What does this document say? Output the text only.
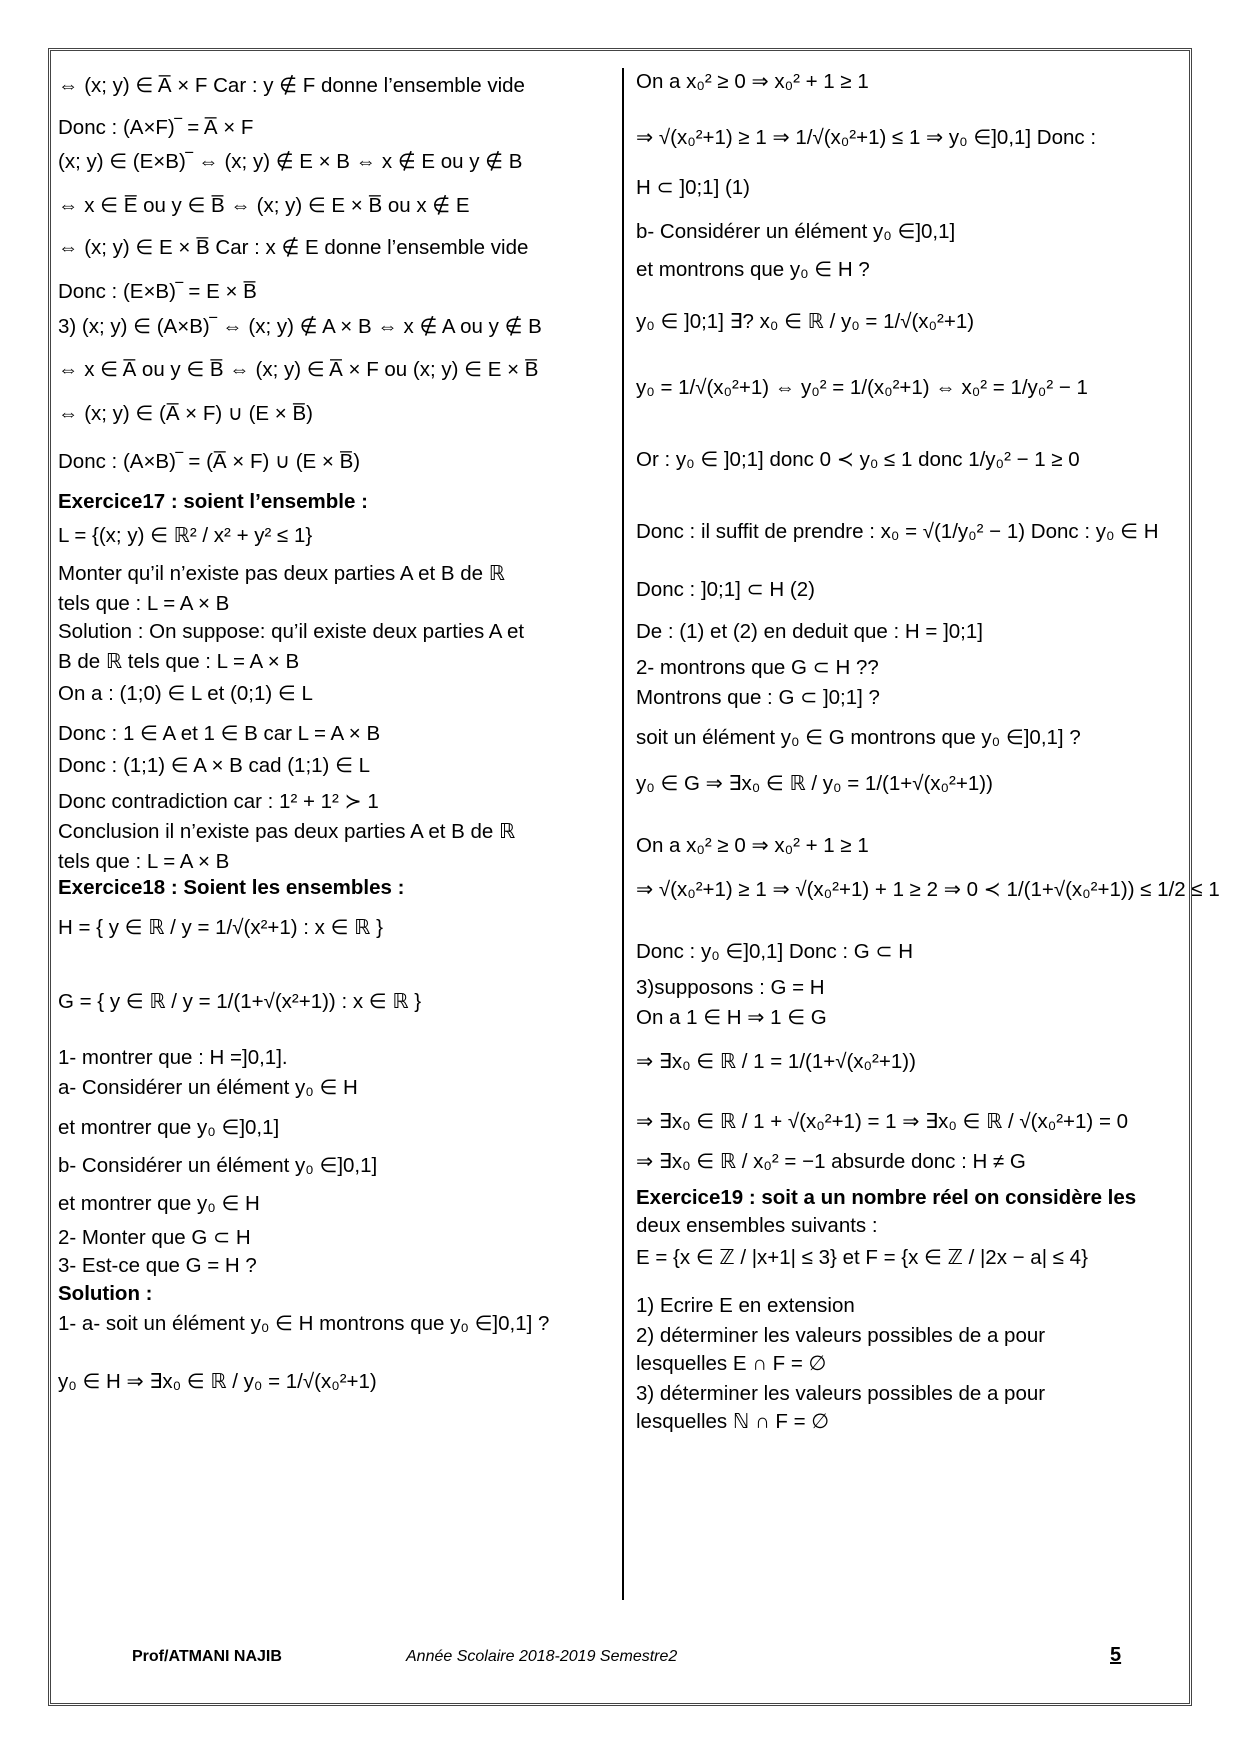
⇔ (x; y) ∈ A̅ × F Car : y ∉ F donne l’ensemble vide
Donc : (A×F)‾ = A̅ × F
(x; y) ∈ (E×B)‾ ⇔ (x; y) ∉ E × B ⇔ x ∉ E ou y ∉ B
⇔ x ∈ E̅ ou y ∈ B̅ ⇔ (x; y) ∈ E × B̅ ou x ∉ E
⇔ (x; y) ∈ E × B̅ Car : x ∉ E donne l’ensemble vide
Donc : (E×B)‾ = E × B̅
3) (x; y) ∈ (A×B)‾ ⇔ (x; y) ∉ A × B ⇔ x ∉ A ou y ∉ B
⇔ x ∈ A̅ ou y ∈ B̅ ⇔ (x; y) ∈ A̅ × F ou (x; y) ∈ E × B̅
⇔ (x; y) ∈ (A̅ × F) ∪ (E × B̅)
Donc : (A×B)‾ = (A̅ × F) ∪ (E × B̅)
Exercice17 : soient l’ensemble :
L = {(x; y) ∈ ℝ² / x² + y² ≤ 1}
Monter qu’il n’existe pas deux parties A et B de ℝ
tels que : L = A × B
Solution : On suppose: qu’il existe deux parties A et
B de ℝ tels que : L = A × B
On a : (1;0) ∈ L et (0;1) ∈ L
Donc : 1 ∈ A et 1 ∈ B car L = A × B
Donc : (1;1) ∈ A × B cad (1;1) ∈ L
Donc contradiction car : 1² + 1² ≻ 1
Conclusion il n’existe pas deux parties A et B de ℝ
tels que : L = A × B
Exercice18 : Soient les ensembles :
H = { y ∈ ℝ / y = 1/√(x²+1) : x ∈ ℝ }
G = { y ∈ ℝ / y = 1/(1+√(x²+1)) : x ∈ ℝ }
1- montrer que : H =]0,1].
a- Considérer un élément y₀ ∈ H
et montrer que y₀ ∈]0,1]
b- Considérer un élément y₀ ∈]0,1]
et montrer que y₀ ∈ H
2- Monter que G ⊂ H
3- Est-ce que G = H ?
Solution :
1- a- soit un élément y₀ ∈ H montrons que y₀ ∈]0,1] ?
y₀ ∈ H ⇒ ∃x₀ ∈ ℝ / y₀ = 1/√(x₀²+1)
On a x₀² ≥ 0 ⇒ x₀² + 1 ≥ 1
⇒ √(x₀²+1) ≥ 1 ⇒ 1/√(x₀²+1) ≤ 1 ⇒ y₀ ∈]0,1] Donc :
H ⊂ ]0;1] (1)
b- Considérer un élément y₀ ∈]0,1]
et montrons que y₀ ∈ H ?
y₀ ∈ ]0;1] ∃? x₀ ∈ ℝ / y₀ = 1/√(x₀²+1)
y₀ = 1/√(x₀²+1) ⇔ y₀² = 1/(x₀²+1) ⇔ x₀² = 1/y₀² − 1
Or : y₀ ∈ ]0;1] donc 0 ≺ y₀ ≤ 1 donc 1/y₀² − 1 ≥ 0
Donc : il suffit de prendre : x₀ = √(1/y₀² − 1) Donc : y₀ ∈ H
Donc : ]0;1] ⊂ H (2)
De : (1) et (2) en deduit que : H = ]0;1]
2- montrons que G ⊂ H ??
Montrons que : G ⊂ ]0;1] ?
soit un élément y₀ ∈ G montrons que y₀ ∈]0,1] ?
y₀ ∈ G ⇒ ∃x₀ ∈ ℝ / y₀ = 1/(1+√(x₀²+1))
On a x₀² ≥ 0 ⇒ x₀² + 1 ≥ 1
⇒ √(x₀²+1) ≥ 1 ⇒ √(x₀²+1) + 1 ≥ 2 ⇒ 0 ≺ 1/(1+√(x₀²+1)) ≤ 1/2 ≤ 1
Donc : y₀ ∈]0,1] Donc : G ⊂ H
3)supposons : G = H
On a 1 ∈ H ⇒ 1 ∈ G
⇒ ∃x₀ ∈ ℝ / 1 = 1/(1+√(x₀²+1))
⇒ ∃x₀ ∈ ℝ / 1 + √(x₀²+1) = 1 ⇒ ∃x₀ ∈ ℝ / √(x₀²+1) = 0
⇒ ∃x₀ ∈ ℝ / x₀² = −1 absurde donc : H ≠ G
Exercice19 : soit a un nombre réel on considère les
deux ensembles suivants :
E = {x ∈ ℤ / |x+1| ≤ 3} et F = {x ∈ ℤ / |2x − a| ≤ 4}
1) Ecrire E en extension
2) déterminer les valeurs possibles de a pour
lesquelles E ∩ F = ∅
3) déterminer les valeurs possibles de a pour
lesquelles ℕ ∩ F = ∅
Prof/ATMANI NAJIB	Année Scolaire 2018-2019 Semestre2	5
